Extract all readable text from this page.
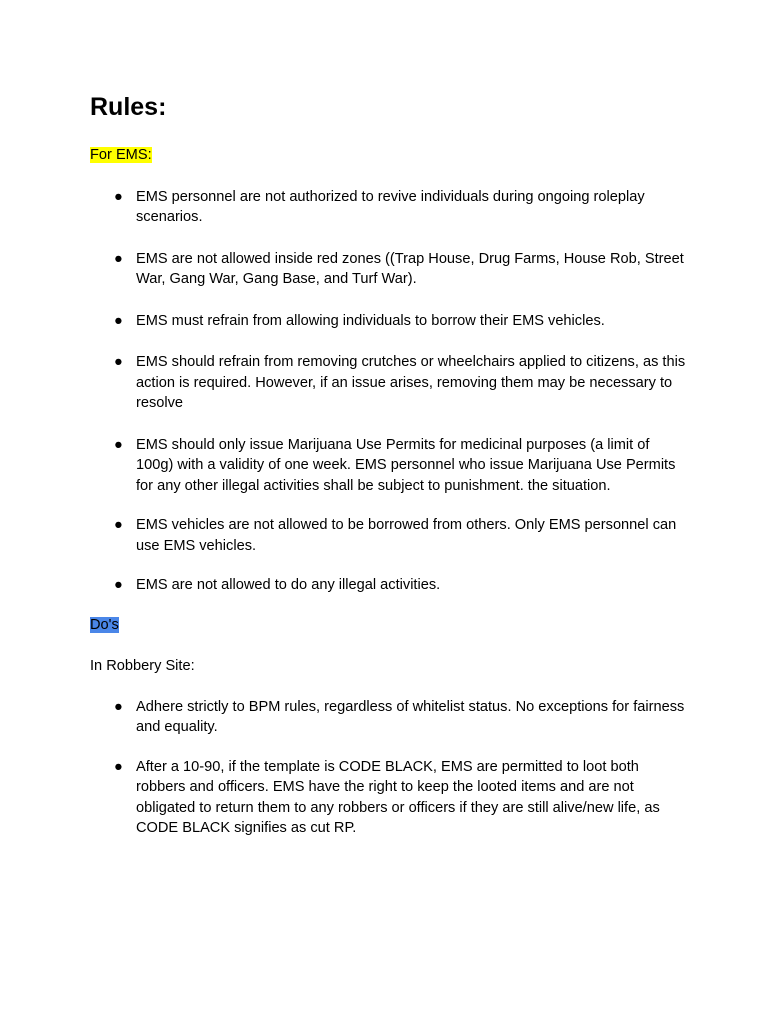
Rules:

For EMS:

● EMS personnel are not authorized to revive individuals during ongoing roleplay scenarios.
● EMS are not allowed inside red zones ((Trap House, Drug Farms, House Rob, Street War, Gang War, Gang Base, and Turf War).
● EMS must refrain from allowing individuals to borrow their EMS vehicles.
● EMS should refrain from removing crutches or wheelchairs applied to citizens, as this action is required. However, if an issue arises, removing them may be necessary to resolve
● EMS should only issue Marijuana Use Permits for medicinal purposes (a limit of 100g) with a validity of one week. EMS personnel who issue Marijuana Use Permits for any other illegal activities shall be subject to punishment. the situation.
● EMS vehicles are not allowed to be borrowed from others. Only EMS personnel can use EMS vehicles.
● EMS are not allowed to do any illegal activities.

Do's

In Robbery Site:

● Adhere strictly to BPM rules, regardless of whitelist status. No exceptions for fairness and equality.
● After a 10-90, if the template is CODE BLACK, EMS are permitted to loot both robbers and officers. EMS have the right to keep the looted items and are not obligated to return them to any robbers or officers if they are still alive/new life, as CODE BLACK signifies as cut RP.
